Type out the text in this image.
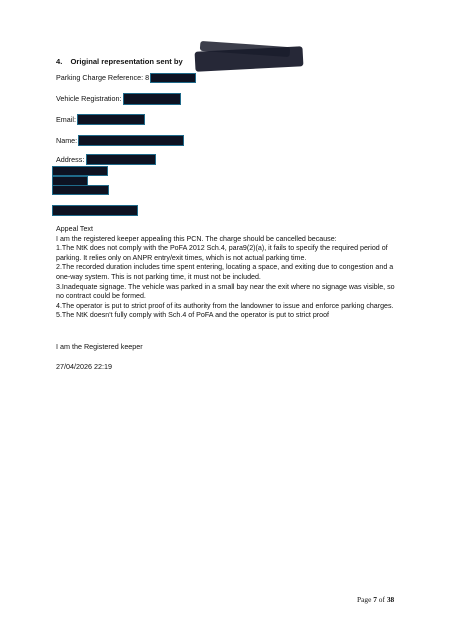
4. Original representation sent by
Parking Charge Reference: 8
Vehicle Registration:
Email:
Name:
Address:
Appeal Text
I am the registered keeper appealing this PCN. The charge should be cancelled because:
1.The NtK does not comply with the PoFA 2012 Sch.4, para9(2)(a), it fails to specify the required period of parking. It relies only on ANPR entry/exit times, which is not actual parking time.
2.The recorded duration includes time spent entering, locating a space, and exiting due to congestion and a one-way system. This is not parking time, it must not be included.
3.Inadequate signage. The vehicle was parked in a small bay near the exit where no signage was visible, so no contract could be formed.
4.The operator is put to strict proof of its authority from the landowner to issue and enforce parking charges.
5.The NtK doesn't fully comply with Sch.4 of PoFA and the operator is put to strict proof
I am the Registered keeper
27/04/2026 22:19
Page 7 of 38
